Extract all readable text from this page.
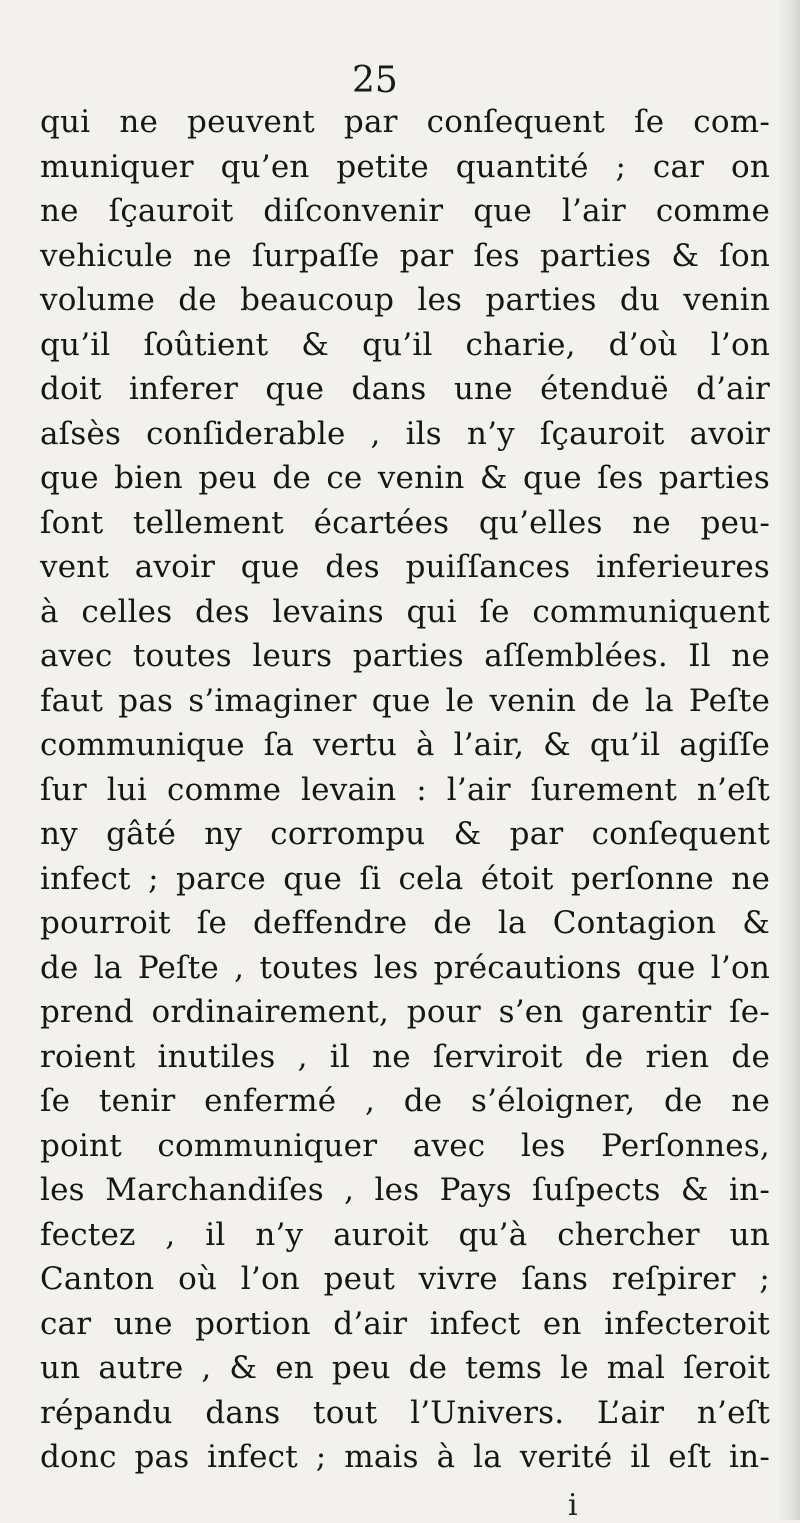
25
qui ne peuvent par conſequent ſe com-
muniquer qu’en petite quantité ; car on
ne ſçauroit diſconvenir que l’air comme
vehicule ne ſurpaſſe par ſes parties & ſon
volume de beaucoup les parties du venin
qu’il ſoûtient & qu’il charie, d’où l’on
doit inferer que dans une étenduë d’air
aſsès conſiderable , ils n’y ſçauroit avoir
que bien peu de ce venin & que ſes parties
ſont tellement écartées qu’elles ne peu-
vent avoir que des puiſſances inferieures
à celles des levains qui ſe communiquent
avec toutes leurs parties aſſemblées. Il ne
faut pas s’imaginer que le venin de la Peſte
communique ſa vertu à l’air, & qu’il agiſſe
ſur lui comme levain : l’air ſurement n’eſt
ny gâté ny corrompu & par conſequent
infect ; parce que ſi cela étoit perſonne ne
pourroit ſe deffendre de la Contagion &
de la Peſte , toutes les précautions que l’on
prend ordinairement, pour s’en garentir ſe-
roient inutiles , il ne ſerviroit de rien de
ſe tenir enfermé , de s’éloigner, de ne
point communiquer avec les Perſonnes,
les Marchandiſes , les Pays ſuſpects & in-
fectez , il n’y auroit qu’à chercher un
Canton où l’on peut vivre ſans reſpirer ;
car une portion d’air infect en infecteroit
un autre , & en peu de tems le mal ſeroit
répandu dans tout l’Univers. L’air n’eſt
donc pas infect ; mais à la verité il eſt in-
i
